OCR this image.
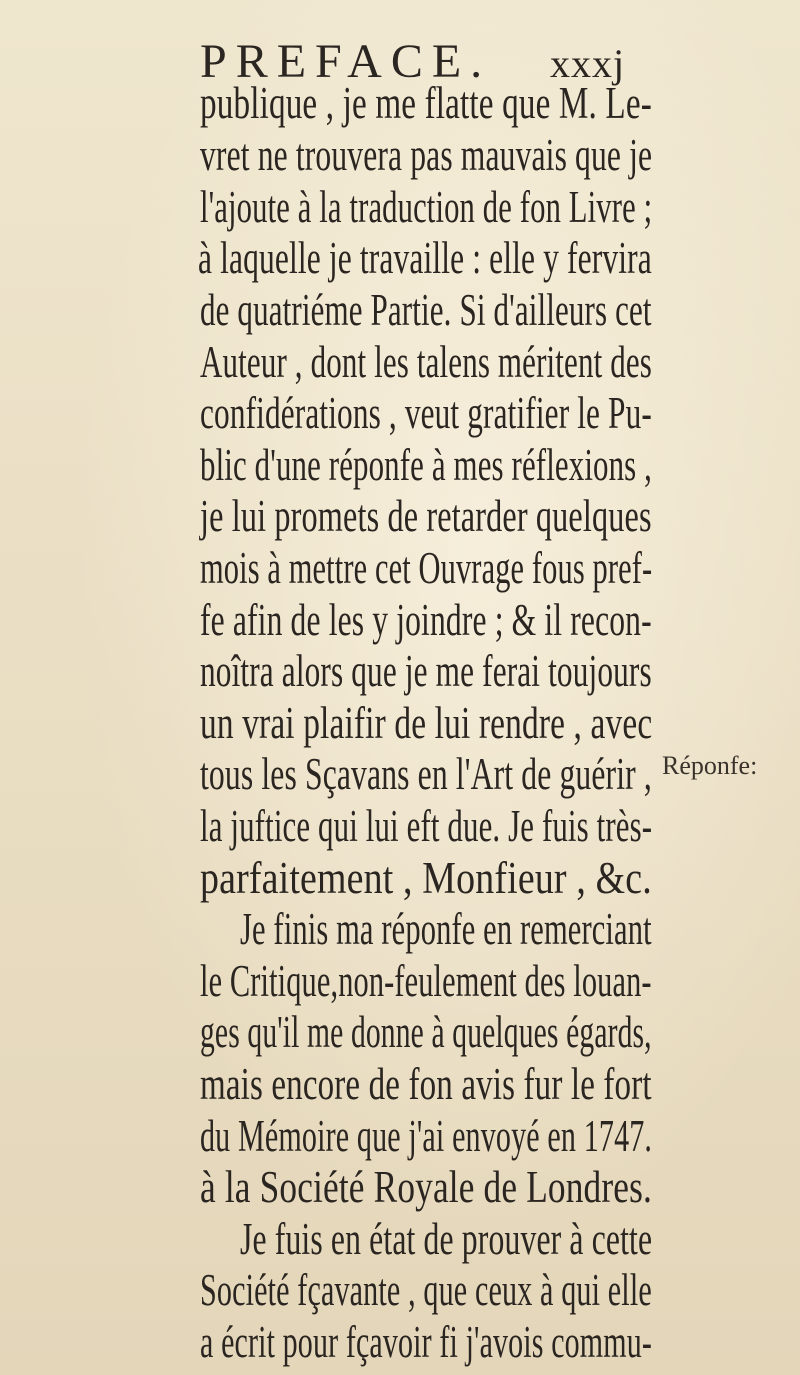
PREFACE. xxxj
publique , je me flatte que M. Le-
vret ne trouvera pas mauvais que je
l'ajoute à la traduction de fon Livre ;
à laquelle je travaille : elle y fervira
de quatriéme Partie. Si d'ailleurs cet
Auteur , dont les talens méritent des
confidérations , veut gratifier le Pu-
blic d'une réponfe à mes réflexions ,
je lui promets de retarder quelques
mois à mettre cet Ouvrage fous pref-
fe afin de les y joindre ; & il recon-
noîtra alors que je me ferai toujours
un vrai plaifir de lui rendre , avec
tous les Sçavans en l'Art de guérir ,
la juftice qui lui eft due. Je fuis très-
parfaitement , Monfieur , &c.
Je finis ma réponfe en remerciant
le Critique,non-feulement des louan-
ges qu'il me donne à quelques égards,
mais encore de fon avis fur le fort
du Mémoire que j'ai envoyé en 1747.
à la Société Royale de Londres.
Je fuis en état de prouver à cette
Société fçavante , que ceux à qui elle
a écrit pour fçavoir fi j'avois commu-
Réponfe:
